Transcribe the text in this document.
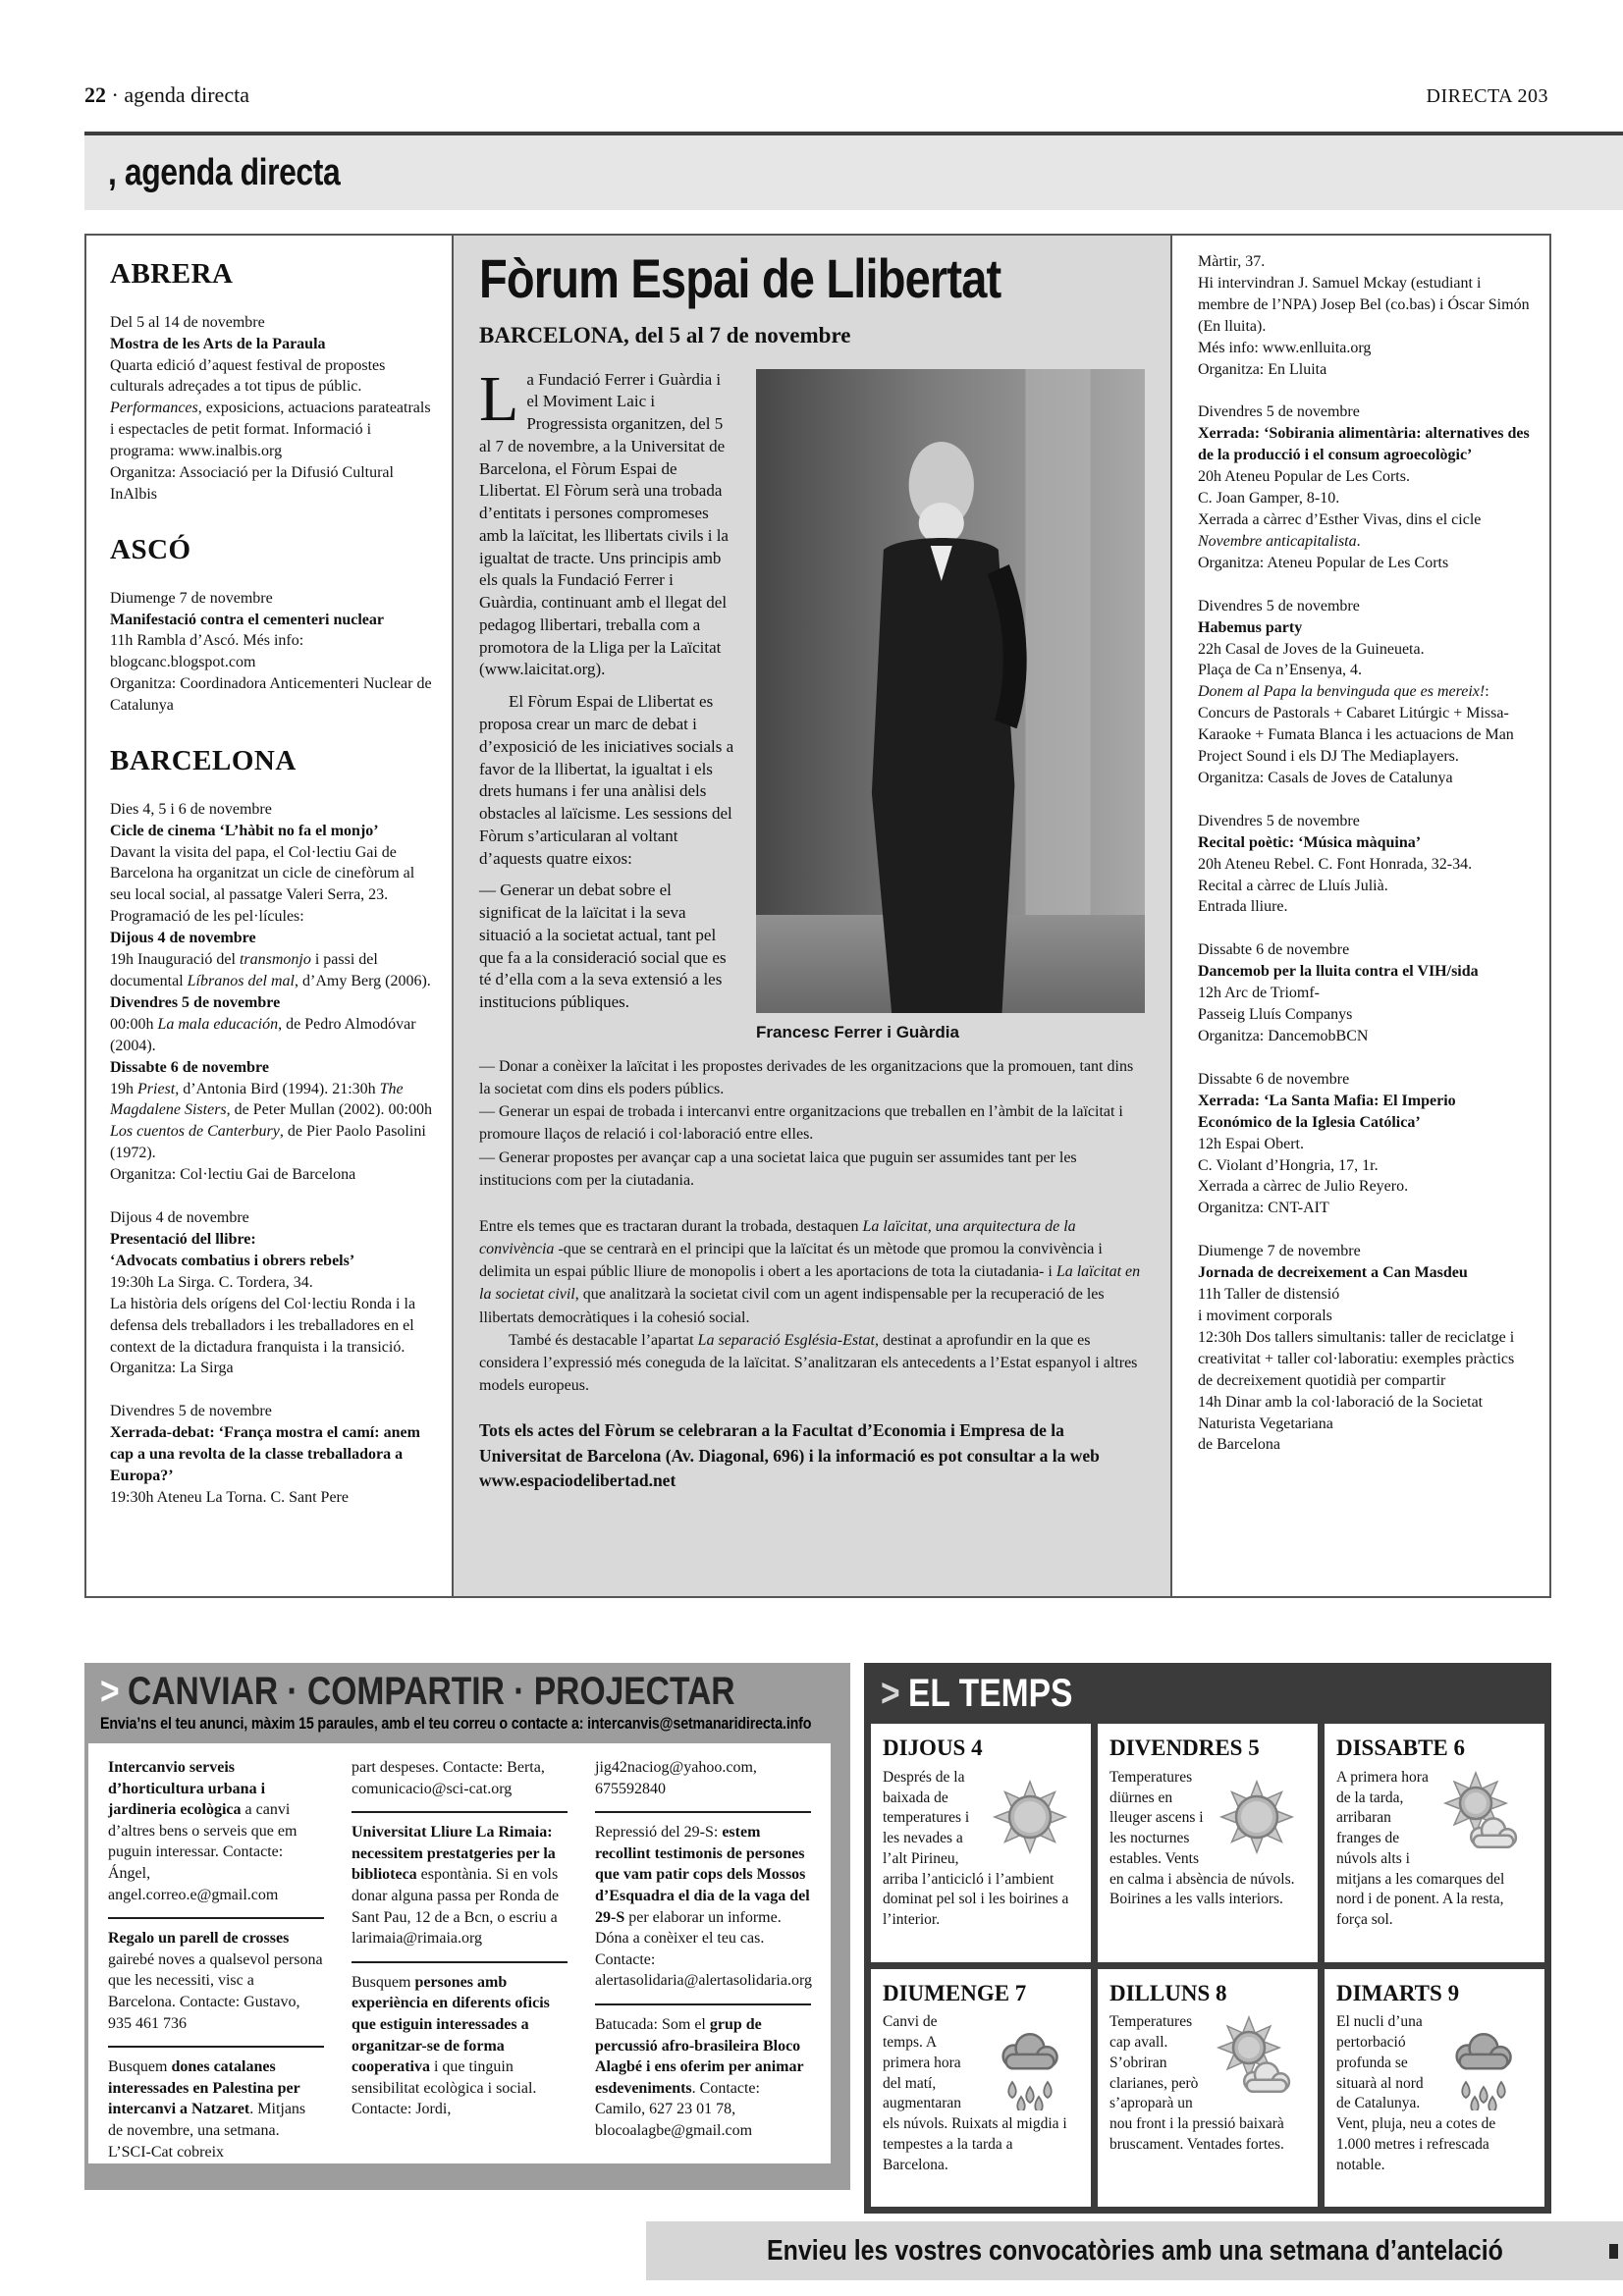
22 · agenda directa	DIRECTA 203
, agenda directa
ABRERA
Del 5 al 14 de novembre
Mostra de les Arts de la Paraula
Quarta edició d’aquest festival de propostes culturals adreçades a tot tipus de públic. Performances, exposicions, actuacions parateatrals i espectacles de petit format. Informació i programa: www.inalbis.org
Organitza: Associació per la Difusió Cultural InAlbis
ASCÓ
Diumenge 7 de novembre
Manifestació contra el cementeri nuclear
11h Rambla d’Ascó. Més info: blogcanc.blogspot.com
Organitza: Coordinadora Anticementeri Nuclear de Catalunya
BARCELONA
Dies 4, 5 i 6 de novembre
Cicle de cinema ‘L’hàbit no fa el monjo’
Davant la visita del papa, el Col·lectiu Gai de Barcelona ha organitzat un cicle de cinefòrum al seu local social, al passatge Valeri Serra, 23. Programació de les pel·lícules:
Dijous 4 de novembre
19h Inauguració del transmonjo i passi del documental Líbranos del mal, d’Amy Berg (2006).
Divendres 5 de novembre
00:00h La mala educación, de Pedro Almodóvar (2004).
Dissabte 6 de novembre
19h Priest, d’Antonia Bird (1994). 21:30h The Magdalene Sisters, de Peter Mullan (2002). 00:00h Los cuentos de Canterbury, de Pier Paolo Pasolini (1972).
Organitza: Col·lectiu Gai de Barcelona
Dijous 4 de novembre
Presentació del llibre:
‘Advocats combatius i obrers rebels’
19:30h La Sirga. C. Tordera, 34.
La història dels orígens del Col·lectiu Ronda i la defensa dels treballadors i les treballadores en el context de la dictadura franquista i la transició.
Organitza: La Sirga
Divendres 5 de novembre
Xerrada-debat: ‘França mostra el camí: anem cap a una revolta de la classe treballadora a Europa?’
19:30h Ateneu La Torna. C. Sant Pere
Fòrum Espai de Llibertat
BARCELONA, del 5 al 7 de novembre

La Fundació Ferrer i Guàrdia i el Moviment Laic i Progressista organitzen, del 5 al 7 de novembre, a la Universitat de Barcelona, el Fòrum Espai de Llibertat. El Fòrum serà una trobada d’entitats i persones compromeses amb la laïcitat, les llibertats civils i la igualtat de tracte. Uns principis amb els quals la Fundació Ferrer i Guàrdia, continuant amb el llegat del pedagog llibertari, treballa com a promotora de la Lliga per la Laïcitat (www.laicitat.org).

El Fòrum Espai de Llibertat es proposa crear un marc de debat i d’exposició de les iniciatives socials a favor de la llibertat, la igualtat i els drets humans i fer una anàlisi dels obstacles al laïcisme. Les sessions del Fòrum s’articularan al voltant d’aquests quatre eixos:

— Generar un debat sobre el significat de la laïcitat i la seva situació a la societat actual, tant pel que fa a la consideració social que es té d’ella com a la seva extensió a les institucions públiques.

Francesc Ferrer i Guàrdia

— Donar a conèixer la laïcitat i les propostes derivades de les organitzacions que la promouen, tant dins la societat com dins els poders públics.

— Generar un espai de trobada i intercanvi entre organitzacions que treballen en l’àmbit de la laïcitat i promoure llaços de relació i col·laboració entre elles.

— Generar propostes per avançar cap a una societat laica que puguin ser assumides tant per les institucions com per la ciutadania.

Entre els temes que es tractaran durant la trobada, destaquen La laïcitat, una arquitectura de la convivència -que se centrarà en el principi que la laïcitat és un mètode que promou la convivència i delimita un espai públic lliure de monopolis i obert a les aportacions de tota la ciutadania- i La laïcitat en la societat civil, que analitzarà la societat civil com un agent indispensable per la recuperació de les llibertats democràtiques i la cohesió social.

També és destacable l’apartat La separació Església-Estat, destinat a aprofundir en la que es considera l’expressió més coneguda de la laïcitat. S’analitzaran els antecedents a l’Estat espanyol i altres models europeus.

Tots els actes del Fòrum se celebraran a la Facultat d’Economia i Empresa de la Universitat de Barcelona (Av. Diagonal, 696) i la informació es pot consultar a la web www.espaciodelibertad.net
Màrtir, 37.
Hi intervindran J. Samuel Mckay (estudiant i membre de l’NPA) Josep Bel (co.bas) i Óscar Simón (En lluita).
Més info: www.enlluita.org
Organitza: En Lluita
Divendres 5 de novembre
Xerrada: ‘Sobirania alimentària: alternatives des de la producció i el consum agroecològic’
20h Ateneu Popular de Les Corts.
C. Joan Gamper, 8-10.
Xerrada a càrrec d’Esther Vivas, dins el cicle Novembre anticapitalista.
Organitza: Ateneu Popular de Les Corts
Divendres 5 de novembre
Habemus party
22h Casal de Joves de la Guineueta.
Plaça de Ca n’Ensenya, 4.
Donem al Papa la benvinguda que es mereix!: Concurs de Pastorals + Cabaret Litúrgic + Missa-Karaoke + Fumata Blanca i les actuacions de Man Project Sound i els DJ The Mediaplayers.
Organitza: Casals de Joves de Catalunya
Divendres 5 de novembre
Recital poètic: ‘Música màquina’
20h Ateneu Rebel. C. Font Honrada, 32-34.
Recital a càrrec de Lluís Julià.
Entrada lliure.
Dissabte 6 de novembre
Dancemob per la lluita contra el VIH/sida
12h Arc de Triomf-
Passeig Lluís Companys
Organitza: DancemobBCN
Dissabte 6 de novembre
Xerrada: ‘La Santa Mafia: El Imperio Económico de la Iglesia Católica’
12h Espai Obert.
C. Violant d’Hongria, 17, 1r.
Xerrada a càrrec de Julio Reyero.
Organitza: CNT-AIT
Diumenge 7 de novembre
Jornada de decreixement a Can Masdeu
11h Taller de distensió
i moviment corporals
12:30h Dos tallers simultanis: taller de reciclatge i creativitat + taller col·laboratiu: exemples pràctics de decreixement quotidià per compartir
14h Dinar amb la col·laboració de la Societat Naturista Vegetariana
de Barcelona
> CANVIAR · COMPARTIR · PROJECTAR
Envia’ns el teu anunci, màxim 15 paraules, amb el teu correu o contacte a: intercanvis@setmanaridirecta.info
Intercanvio serveis d’horticultura urbana i jardineria ecològica a canvi d’altres bens o serveis que em puguin interessar. Contacte: Ángel, angel.correo.e@gmail.com
Regalo un parell de crosses gairebé noves a qualsevol persona que les necessiti, visc a Barcelona. Contacte: Gustavo, 935 461 736
Busquem dones catalanes interessades en Palestina per intercanvi a Natzaret. Mitjans de novembre, una setmana. L’SCI-Cat cobreix
part despeses. Contacte: Berta, comunicacio@sci-cat.org
Universitat Lliure La Rimaia: necessitem prestatgeries per la biblioteca espontània. Si en vols donar alguna passa per Ronda de Sant Pau, 12 de a Bcn, o escriu a larimaia@rimaia.org
Busquem persones amb experiència en diferents oficis que estiguin interessades a organitzar-se de forma cooperativa i que tinguin sensibilitat ecològica i social. Contacte: Jordi,
jig42naciog@yahoo.com, 675592840
Repressió del 29-S: estem recollint testimonis de persones que vam patir cops dels Mossos d’Esquadra el dia de la vaga del 29-S per elaborar un informe. Dóna a conèixer el teu cas. Contacte: alertasolidaria@alertasolidaria.org
Batucada: Som el grup de percussió afro-brasileira Bloco Alagbé i ens oferim per animar esdeveniments. Contacte: Camilo, 627 23 01 78, blocoalagbe@gmail.com
> EL TEMPS
DIJOUS 4
Després de la baixada de temperatures i les nevades a l’alt Pirineu, arriba l’anticicló i l’ambient dominat pel sol i les boirines a l’interior.
DIVENDRES 5
Temperatures diürnes en lleuger ascens i les nocturnes estables. Vents en calma i absència de núvols. Boirines a les valls interiors.
DISSABTE 6
A primera hora de la tarda, arribaran franges de núvols alts i mitjans a les comarques del nord i de ponent. A la resta, força sol.
DIUMENGE 7
Canvi de temps. A primera hora del matí, augmentaran els núvols. Ruixats al migdia i tempestes a la tarda a Barcelona.
DILLUNS 8
Temperatures cap avall. S’obriran clarianes, però s’aproparà un nou front i la pressió baixarà bruscament. Ventades fortes.
DIMARTS 9
El nucli d’una pertorbació profunda se situarà al nord de Catalunya. Vent, pluja, neu a cotes de 1.000 metres i refrescada notable.
Envieu les vostres convocatòries amb una setmana d’antelació
